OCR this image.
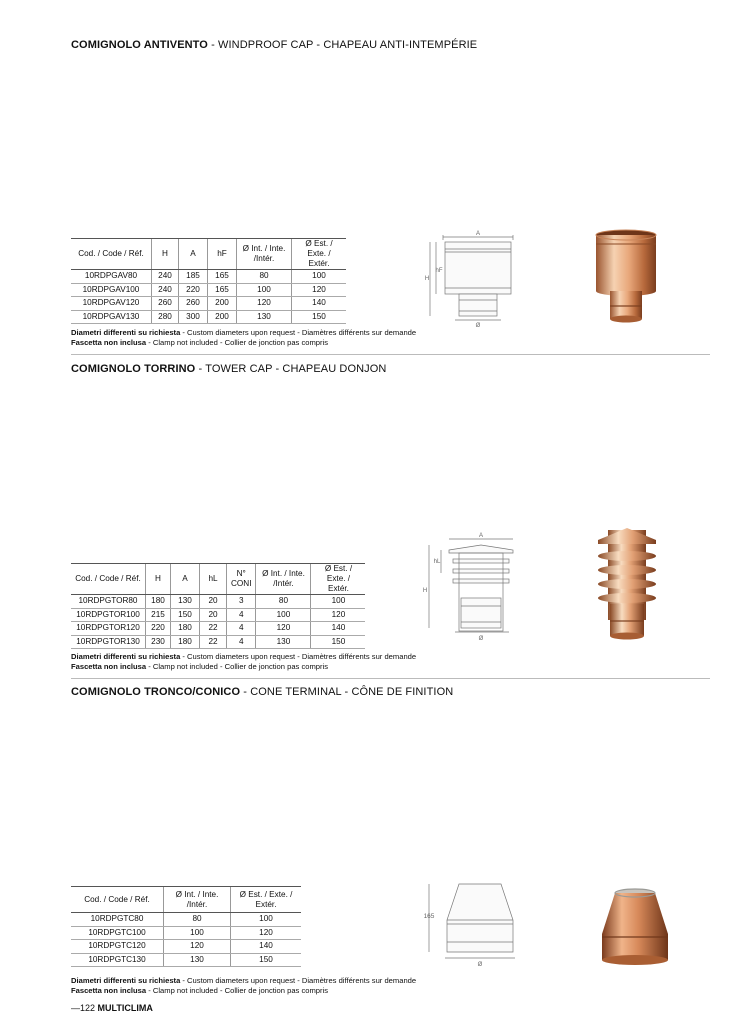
COMIGNOLO ANTIVENTO - WINDPROOF CAP - CHAPEAU ANTI-INTEMPÉRIE
Cod. / Code / Réf.	H	A	hF	Ø Int. / Inte. /Intér.	Ø Est. / Exte. / Extér.
10RDPGAV80	240	185	165	80	100
10RDPGAV100	240	220	165	100	120
10RDPGAV120	260	260	200	120	140
10RDPGAV130	280	300	200	130	150
Diametri differenti su richiesta - Custom diameters upon request - Diamètres différents sur demande
Fascetta non inclusa - Clamp not included - Collier de jonction pas compris
A
H
hF
Ø
COMIGNOLO TORRINO - TOWER CAP - CHAPEAU DONJON
Cod. / Code / Réf.	H	A	hL	N° CONI	Ø Int. / Inte. /Intér.	Ø Est. / Exte. / Extér.
10RDPGTOR80	180	130	20	3	80	100
10RDPGTOR100	215	150	20	4	100	120
10RDPGTOR120	220	180	22	4	120	140
10RDPGTOR130	230	180	22	4	130	150
Diametri differenti su richiesta - Custom diameters upon request - Diamètres différents sur demande
Fascetta non inclusa - Clamp not included - Collier de jonction pas compris
A
H
hL
Ø
COMIGNOLO TRONCO/CONICO - CONE TERMINAL - CÔNE DE FINITION
Cod. / Code / Réf.	Ø Int. / Inte. /Intér.	Ø Est. / Exte. / Extér.
10RDPGTC80	80	100
10RDPGTC100	100	120
10RDPGTC120	120	140
10RDPGTC130	130	150
Diametri differenti su richiesta - Custom diameters upon request - Diamètres différents sur demande
Fascetta non inclusa - Clamp not included - Collier de jonction pas compris
165
Ø
—122 MULTICLIMA
